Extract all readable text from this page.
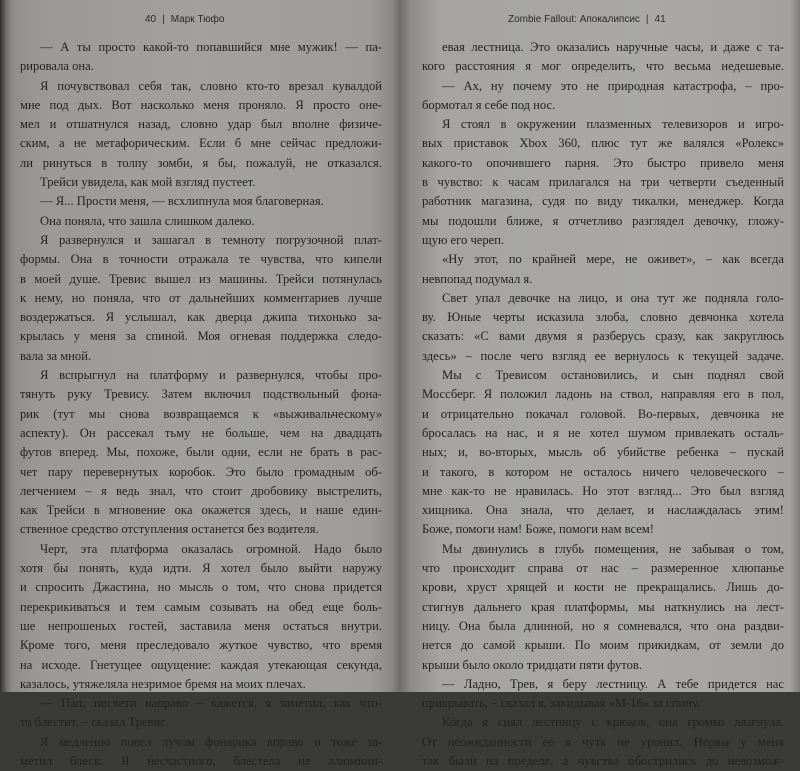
40 | Марк Тюфо
— А ты просто какой-то попавшийся мне мужик! — па-
рировала она.
Я почувствовал себя так, словно кто-то врезал кувалдой
мне под дых. Вот насколько меня проняло. Я просто оне-
мел и отшатнулся назад, словно удар был вполне физиче-
ским, а не метафорическим. Если б мне сейчас предложи-
ли ринуться в толпу зомби, я бы, пожалуй, не отказался.
Трейси увидела, как мой взгляд пустеет.
— Я... Прости меня, — всхлипнула моя благоверная.
Она поняла, что зашла слишком далеко.
Я развернулся и зашагал в темноту погрузочной плат-
формы. Она в точности отражала те чувства, что кипели
в моей душе. Тревис вышел из машины. Трейси потянулась
к нему, но поняла, что от дальнейших комментариев лучше
воздержаться. Я услышал, как дверца джипа тихонько за-
крылась у меня за спиной. Моя огневая поддержка следо-
вала за мной.
Я вспрыгнул на платформу и развернулся, чтобы про-
тянуть руку Тревису. Затем включил подствольный фона-
рик (тут мы снова возвращаемся к «выживальческому»
аспекту). Он рассекал тьму не больше, чем на двадцать
футов вперед. Мы, похоже, были одни, если не брать в рас-
чет пару перевернутых коробок. Это было громадным об-
легчением – я ведь знал, что стоит дробовику выстрелить,
как Трейси в мгновение ока окажется здесь, и наше един-
ственное средство отступления останется без водителя.
Черт, эта платформа оказалась огромной. Надо было
хотя бы понять, куда идти. Я хотел было выйти наружу
и спросить Джастина, но мысль о том, что снова придется
перекрикиваться и тем самым созывать на обед еще боль-
ше непрошеных гостей, заставила меня остаться внутри.
Кроме того, меня преследовало жуткое чувство, что время
на исходе. Гнетущее ощущение: каждая утекающая секунда,
казалось, утяжеляла незримое бремя на моих плечах.
— Пап, посвети направо – кажется, я заметил, как что-
то блестит, – сказал Тревис.
Я медленно повел лучом фонарика вправо и тоже за-
метил блеск. Я несчастного, блестела не алюмини-
Zombie Fallout: Апокалипсис | 41
евая лестница. Это оказались наручные часы, и даже с та-
кого расстояния я мог определить, что весьма недешевые.
— Ах, ну почему это не природная катастрофа, – про-
бормотал я себе под нос.
Я стоял в окружении плазменных телевизоров и игро-
вых приставок Xbox 360, плюс тут же валялся «Ролекс»
какого-то опочившего парня. Это быстро привело меня
в чувство: к часам прилагался на три четверти съеденный
работник магазина, судя по виду тикалки, менеджер. Когда
мы подошли ближе, я отчетливо разглядел девочку, гложу-
щую его череп.
«Ну этот, по крайней мере, не оживет», – как всегда
невпопад подумал я.
Свет упал девочке на лицо, и она тут же подняла голо-
ву. Юные черты исказила злоба, словно девчонка хотела
сказать: «С вами двумя я разберусь сразу, как закруглюсь
здесь» – после чего взгляд ее вернулось к текущей задаче.
Мы с Тревисом остановились, и сын поднял свой
Моссберг. Я положил ладонь на ствол, направляя его в пол,
и отрицательно покачал головой. Во-первых, девчонка не
бросалась на нас, и я не хотел шумом привлекать осталь-
ных; и, во-вторых, мысль об убийстве ребенка – пускай
и такого, в котором не осталось ничего человеческого –
мне как-то не нравилась. Но этот взгляд... Это был взгляд
хищника. Она знала, что делает, и наслаждалась этим!
Боже, помоги нам! Боже, помоги нам всем!
Мы двинулись в глубь помещения, не забывая о том,
что происходит справа от нас – размеренное хлюпанье
крови, хруст хрящей и кости не прекращались. Лишь до-
стигнув дальнего края платформы, мы наткнулись на лест-
ницу. Она была длинной, но я сомневался, что она раздви-
нется до самой крыши. По моим прикидкам, от земли до
крыши было около тридцати пяти футов.
— Ладно, Трев, я беру лестницу. А тебе придется нас
прикрывать, – сказал я, закидывая «М-16» за спину.
Когда я снял лестницу с крюков, она громко лязгнула.
От неожиданности ее я чуть не уронил. Нервы у меня
так были на пределе, а чувства обострились до невозмож-
